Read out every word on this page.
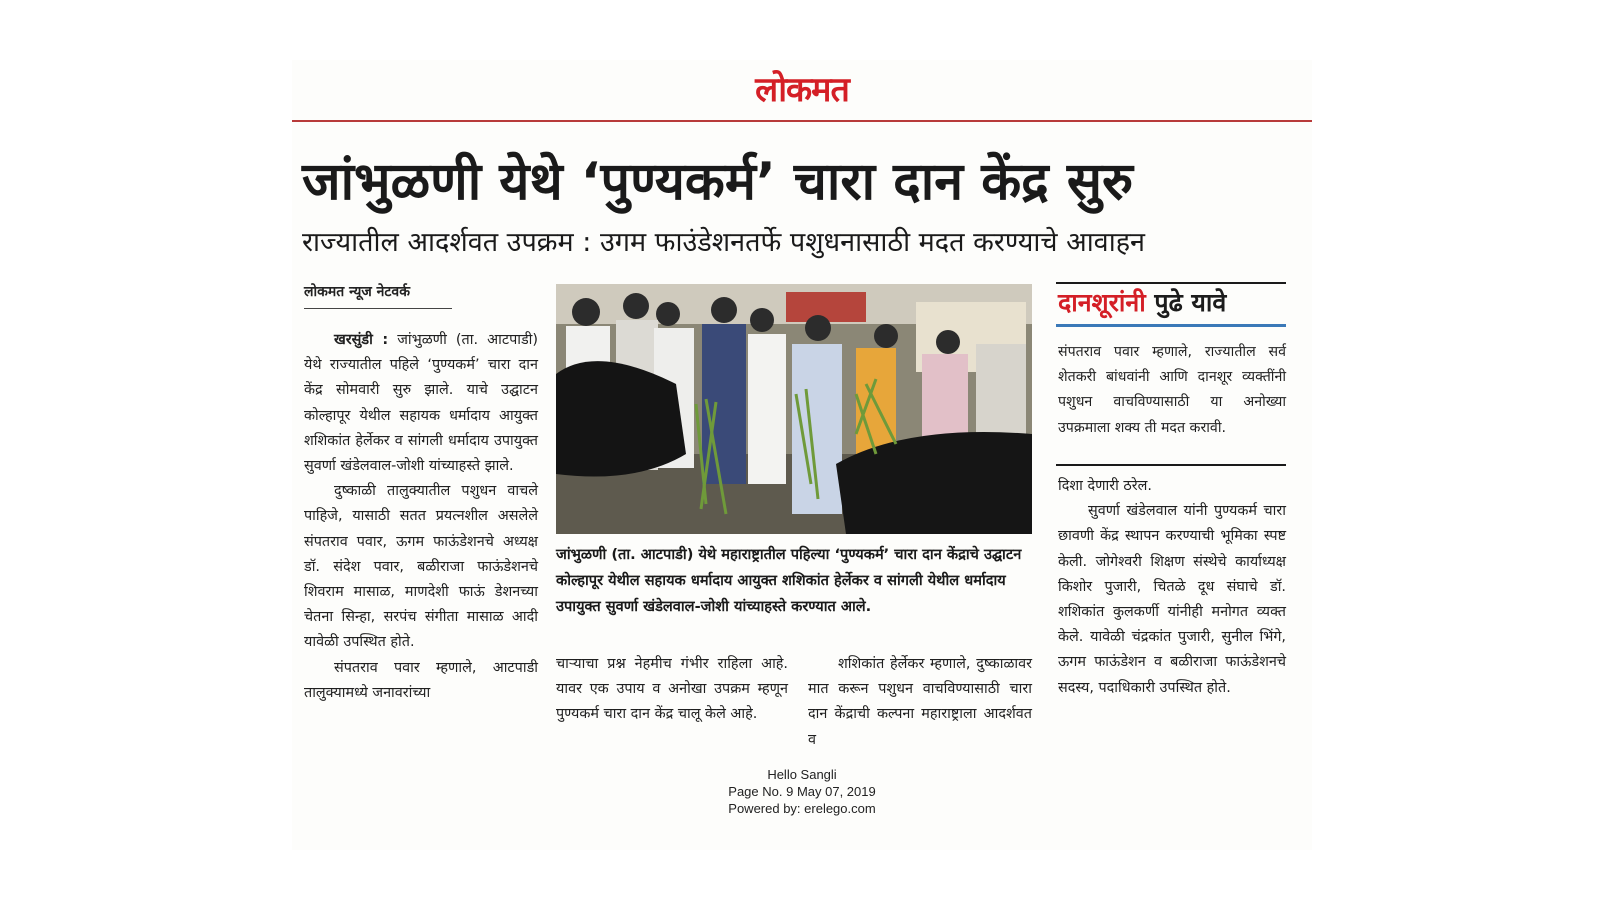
लोकमत
जांभुळणी येथे ‘पुण्यकर्म’ चारा दान केंद्र सुरु
राज्यातील आदर्शवत उपक्रम : उगम फाउंडेशनतर्फे पशुधनासाठी मदत करण्याचे आवाहन
लोकमत न्यूज नेटवर्क

खरसुंडी : जांभुळणी (ता. आटपाडी) येथे राज्यातील पहिले ‘पुण्यकर्म’ चारा दान केंद्र सोमवारी सुरु झाले. याचे उद्घाटन कोल्हापूर येथील सहायक धर्मादाय आयुक्त शशिकांत हेर्लेकर व सांगली धर्मादाय उपायुक्त सुवर्णा खंडेलवाल-जोशी यांच्याहस्ते झाले.

दुष्काळी तालुक्यातील पशुधन वाचले पाहिजे, यासाठी सतत प्रयत्नशील असलेले संपतराव पवार, ऊगम फाऊंडेशनचे अध्यक्ष डॉ. संदेश पवार, बळीराजा फाऊंडेशनचे शिवराम मासाळ, माणदेशी फाऊं डेशनच्या चेतना सिन्हा, सरपंच संगीता मासाळ आदी यावेळी उपस्थित होते.

संपतराव पवार म्हणाले, आटपाडी तालुक्यामध्ये जनावरांच्या

जांभुळणी (ता. आटपाडी) येथे महाराष्ट्रातील पहिल्या ‘पुण्यकर्म’ चारा दान केंद्राचे उद्घाटन कोल्हापूर येथील सहायक धर्मादाय आयुक्त शशिकांत हेर्लेकर व सांगली येथील धर्मादाय उपायुक्त सुवर्णा खंडेलवाल-जोशी यांच्याहस्ते करण्यात आले.
चाऱ्याचा प्रश्न नेहमीच गंभीर राहिला आहे. यावर एक उपाय व अनोखा उपक्रम म्हणून पुण्यकर्म चारा दान केंद्र चालू केले आहे.
शशिकांत हेर्लेकर म्हणाले, दुष्काळावर मात करून पशुधन वाचविण्यासाठी चारा दान केंद्राची कल्पना महाराष्ट्राला आदर्शवत व
दानशूरांनी पुढे यावे
संपतराव पवार म्हणाले, राज्यातील सर्व शेतकरी बांधवांनी आणि दानशूर व्यक्तींनी पशुधन वाचविण्यासाठी या अनोख्या उपक्रमाला शक्य ती मदत करावी.

दिशा देणारी ठरेल.

सुवर्णा खंडेलवाल यांनी पुण्यकर्म चारा छावणी केंद्र स्थापन करण्याची भूमिका स्पष्ट केली. जोगेश्वरी शिक्षण संस्थेचे कार्याध्यक्ष किशोर पुजारी, चितळे दूध संघाचे डॉ. शशिकांत कुलकर्णी यांनीही मनोगत व्यक्त केले. यावेळी चंद्रकांत पुजारी, सुनील भिंगे, ऊगम फाऊंडेशन व बळीराजा फाऊंडेशनचे सदस्य, पदाधिकारी उपस्थित होते.

Hello Sangli
Page No. 9 May 07, 2019
Powered by: erelego.com
